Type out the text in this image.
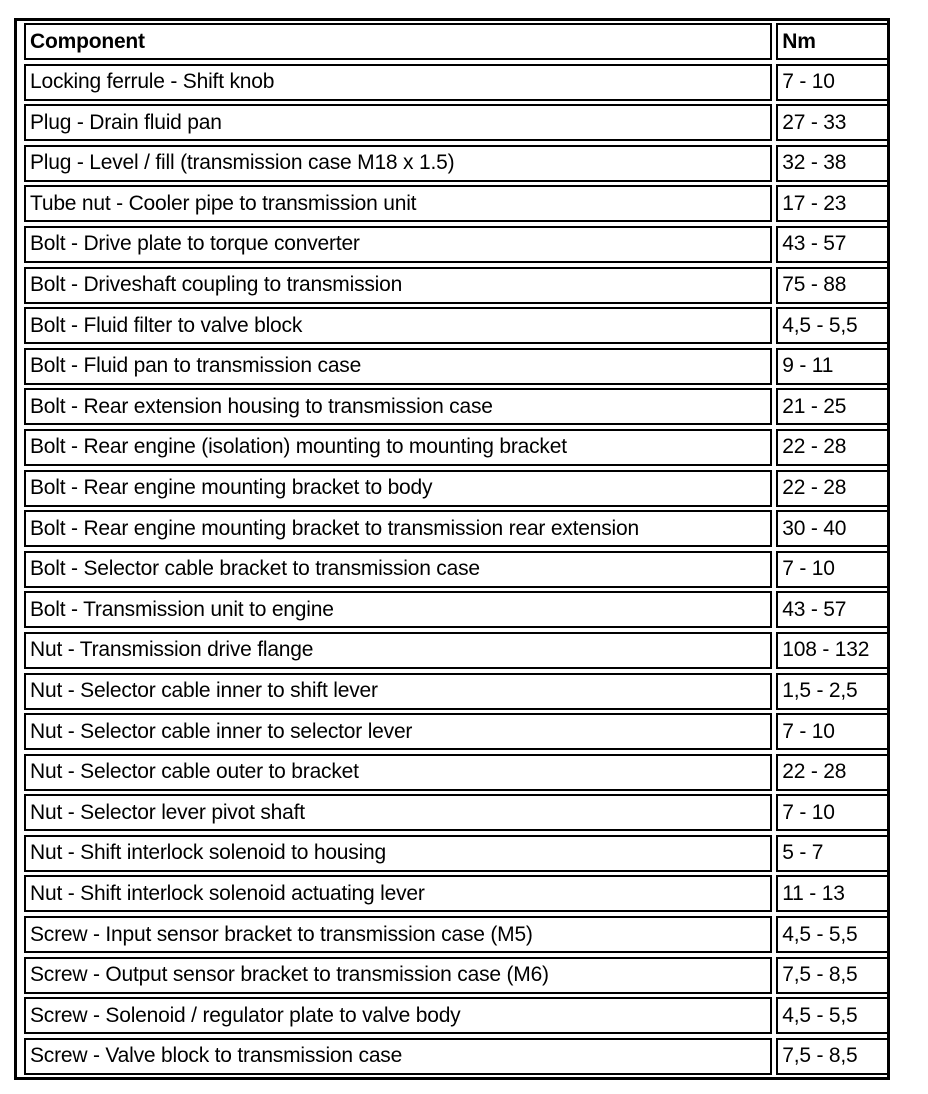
Component	Nm
Locking ferrule - Shift knob	7 - 10
Plug - Drain fluid pan	27 - 33
Plug - Level / fill (transmission case M18 x 1.5)	32 - 38
Tube nut - Cooler pipe to transmission unit	17 - 23
Bolt - Drive plate to torque converter	43 - 57
Bolt - Driveshaft coupling to transmission	75 - 88
Bolt - Fluid filter to valve block	4,5 - 5,5
Bolt - Fluid pan to transmission case	9 - 11
Bolt - Rear extension housing to transmission case	21 - 25
Bolt - Rear engine (isolation) mounting to mounting bracket	22 - 28
Bolt - Rear engine mounting bracket to body	22 - 28
Bolt - Rear engine mounting bracket to transmission rear extension	30 - 40
Bolt - Selector cable bracket to transmission case	7 - 10
Bolt - Transmission unit to engine	43 - 57
Nut - Transmission drive flange	108 - 132
Nut - Selector cable inner to shift lever	1,5 - 2,5
Nut - Selector cable inner to selector lever	7 - 10
Nut - Selector cable outer to bracket	22 - 28
Nut - Selector lever pivot shaft	7 - 10
Nut - Shift interlock solenoid to housing	5 - 7
Nut - Shift interlock solenoid actuating lever	11 - 13
Screw - Input sensor bracket to transmission case (M5)	4,5 - 5,5
Screw - Output sensor bracket to transmission case (M6)	7,5 - 8,5
Screw - Solenoid / regulator plate to valve body	4,5 - 5,5
Screw - Valve block to transmission case	7,5 - 8,5
